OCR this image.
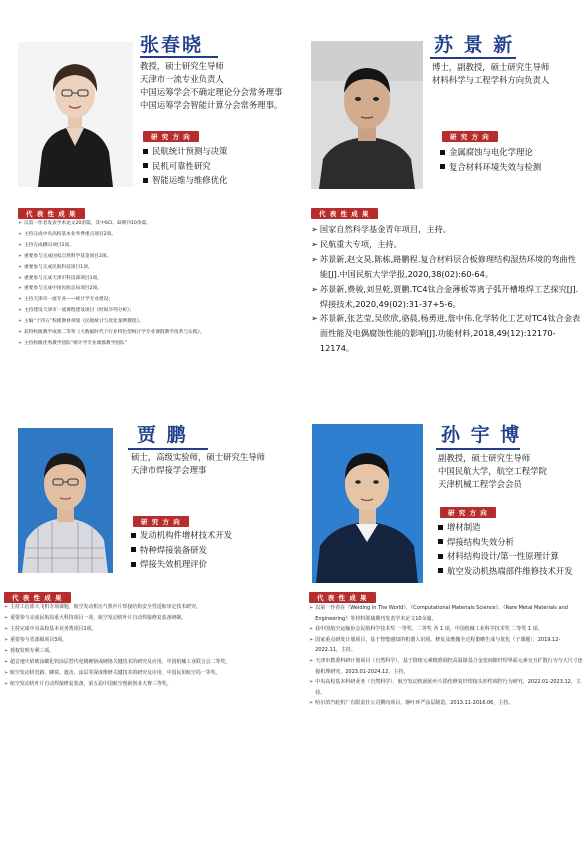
张春晓
教授，硕士研究生导师
天津市一流专业负责人
中国运筹学会不确定理论分会常务理事
中国运筹学会智能计算分会常务理事。
研 究 方 向
民航统计预测与决策
民机可靠性研究
智能运维与维修优化
代 表 性 成 果
➢ 以第一作者发表学术论文20余篇，其中SCI、EI期刊10余篇。
➢ 主持完成中央高校基本业务费重点项目2项。
➢ 主持完成横向项目2项。
➢ 重要参与完成国家自然科学基金项目2项。
➢ 重要参与完成民航科技项目1项。
➢ 重要参与完成天津市科技部项目1项。
➢ 重要参与完成中国民航总局项目2项。
➢ 主持天津市一流专业——统计学专业建设；
➢ 主持建设天津市一流课程建设项目《时间序列分析》；
➢ 主编“十四五”校级教材规划《民航统计与优化案例教程》。
➢ 获得校级教学成果二等奖《大数据时代下行业特色型统计学专业课群教学改革与实践》。
➢ 主持校级优秀教学团队“统计学专业课群教学团队”
苏 景 新
博士，副教授，硕士研究生导师
材料科学与工程学科方向负责人
研 究 方 向
金属腐蚀与电化学理论
复合材料环境失效与检测
代 表 性 成 果
➢ 国家自然科学基金青年项目，主持。
➢ 民航重大专项，主持。
➢ 苏景新,赵文昊,陈栋,路鹏程.复合材料层合板修理结构湿热环境的弯曲性能[J].中国民航大学学报,2020,38(02):60-64。
➢ 苏景新,费骏,刘昱乾,贾鹏.TC4钛合金薄板等离子弧开槽堆焊工艺探究[J].焊接技术,2020,49(02):31-37+5-6。
➢ 苏景新,张艺莹,吴欣欣,骆晨,杨勇进,詹中伟.化学转化工艺对TC4钛合金表面性能及电偶腐蚀性能的影响[J].功能材料,2018,49(12):12170-12174。
贾 鹏
硕士，高级实验师，硕士研究生导师
天津市焊接学会理事
研 究 方 向
发动机构件增材技术开发
特种焊接装备研发
焊接失效机理评价
代 表 性 成 果
➢ 主持工信部大飞机专项课题，航空发动机压气机叶片焊接结构安全性适航审定技术研究。
➢ 重要参与完成民航局重大科技项目一项，航空发动机叶片自动焊接修复装备研制。
➢ 主持完成中央高校基本业务费项目1项。
➢ 重要参与省部级项目3项。
➢ 授权发明专利三项。
➢ 超音速火焰喷涂碳化钨涂层替代电镀硬铬或硬铬关键技术的研究及应用，中国机械工业联合会二等奖。
➢ 航空发动机管路、蜂窝、篦齿、涂层等深度维修关键技术的研究及应用，中国民用航空局一等奖。
➢ 航空发动机叶片自动焊接修复装备，第五届中国航空创新创业大赛三等奖。
孙 宇 博
副教授，硕士研究生导师
中国民航大学，航空工程学院
天津机械工程学会会员
研 究 方 向
增材制造
焊接结构失效分析
材料结构设计/第一性原理计算
航空发动机热端部件维修技术开发
代 表 性 成 果
➢ 以第一作者在《Welding In The World》、《Computational Materials Science》、《Rare Metal Materials and Engineering》等材料领域期刊发表学术论文10余篇。
➢ 获中国航空运输协会民航科学技术奖 一等奖、二等奖 各 1 项，中国机械工业科学技术奖 二等奖 1 项。
➢ 国家重点研发计划项目，基于智能感知的机器人识别、修复及磨抛全过程策略生成与优化（子课题），2019.12-2022.11，主持。
➢ 天津市教委科研计划项目（自然科学），基于降熔元素精准调控高温镍基合金宽间隙钎焊界面元素交互扩散行为与大尺寸连接机理研究，2023.01-2024.12，主持。
➢ 中央高校基本科研业务（自然科学），航空发动机涡轮叶片损伤修复钎焊接头形性调控行为研究，2022.01-2023.12，主持。
➢ 哈尔滨汽轮机厂有限责任公司横向项目，静叶环严涂层制造，2013.11-2016.06，主持。
